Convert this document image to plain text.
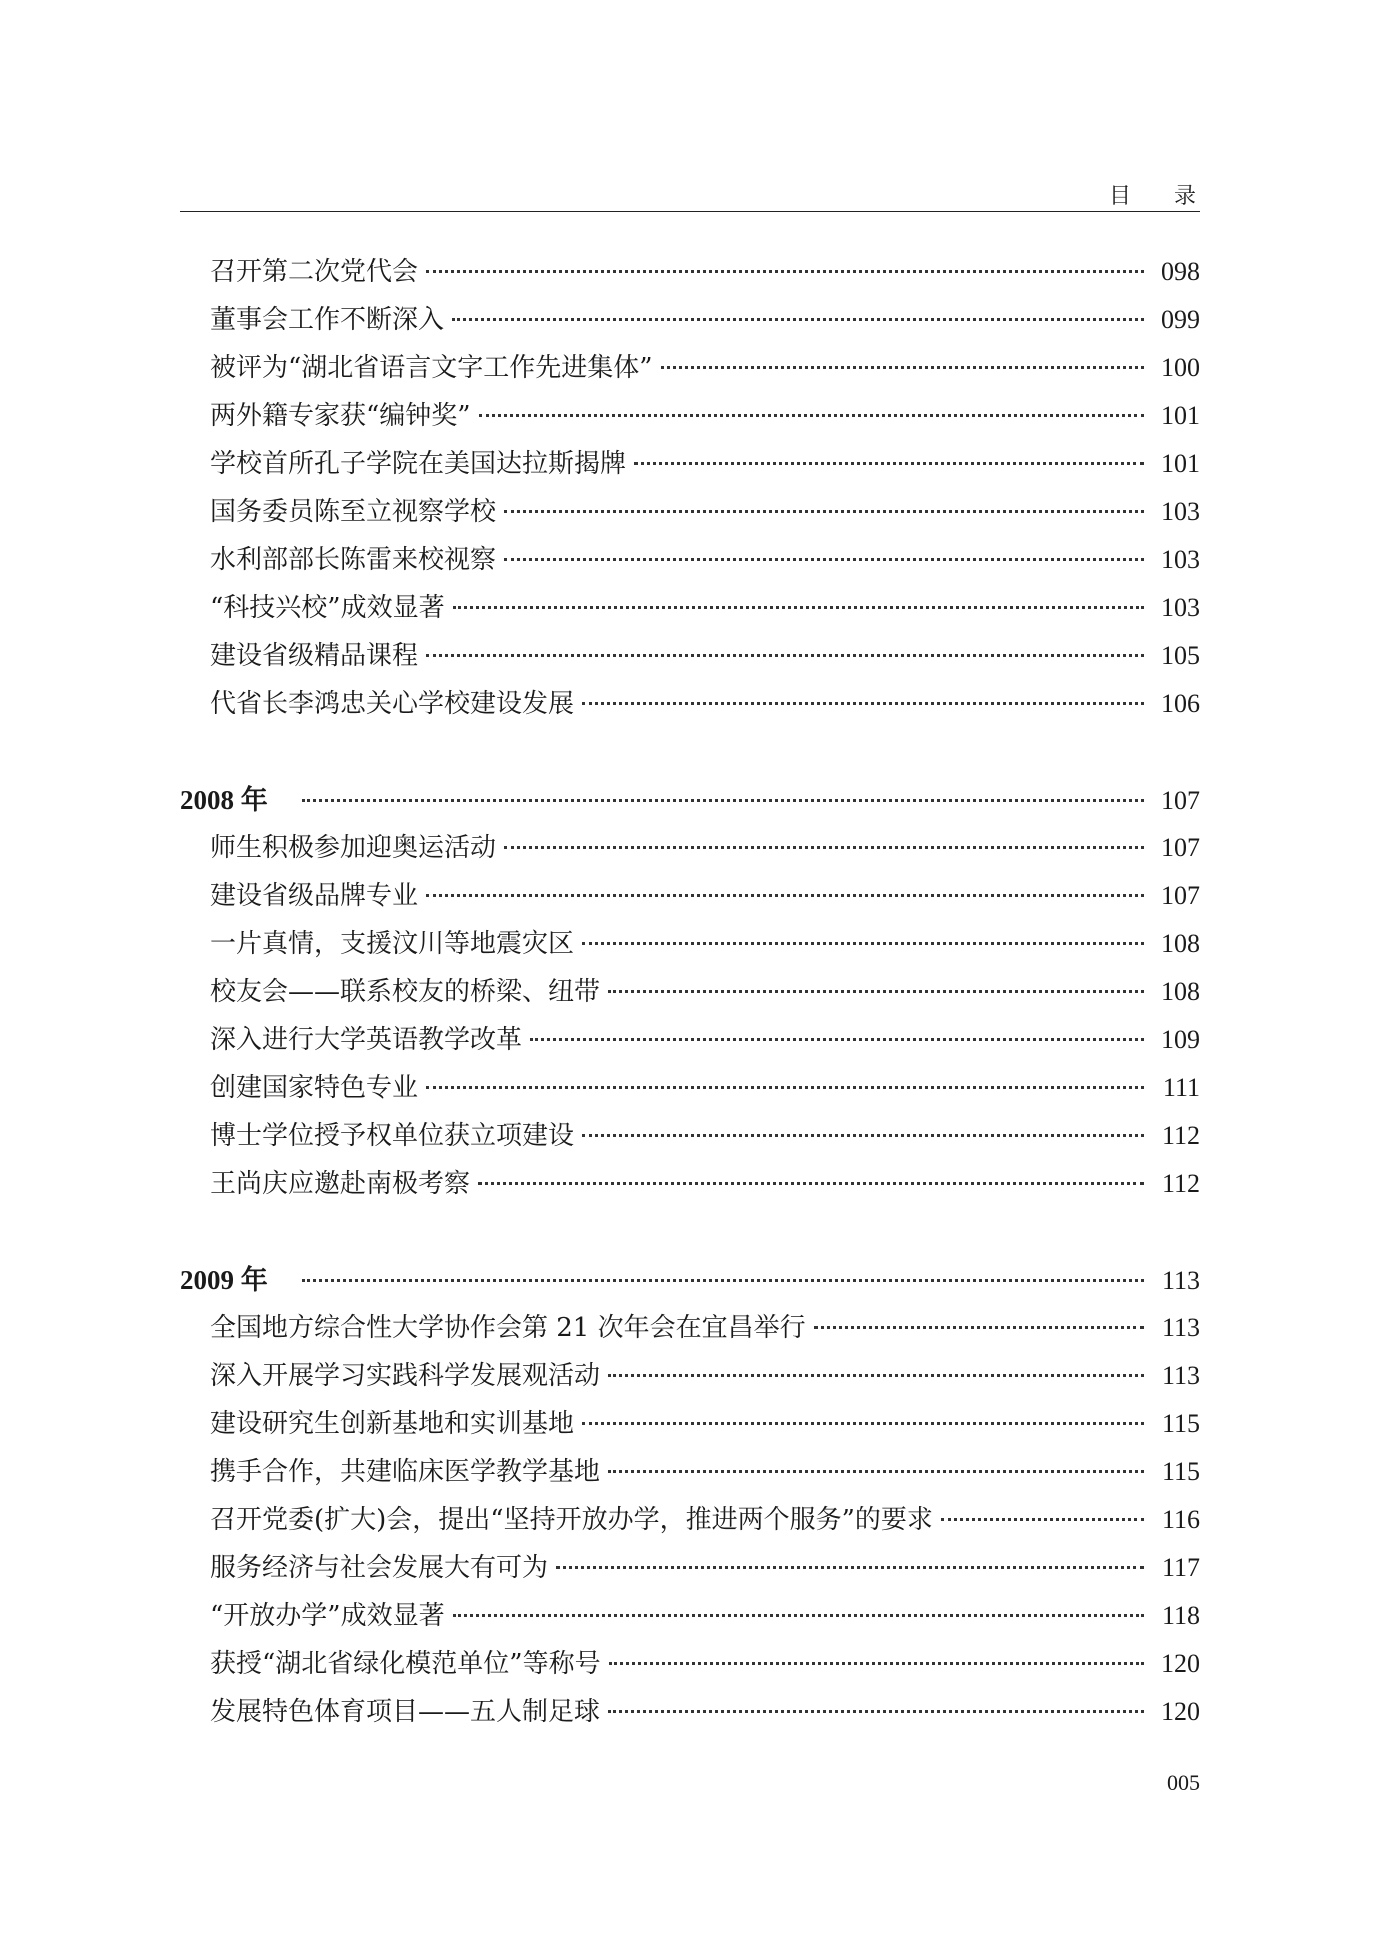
目 录
召开第二次党代会	098
董事会工作不断深入	099
被评为“湖北省语言文字工作先进集体”	100
两外籍专家获“编钟奖”	101
学校首所孔子学院在美国达拉斯揭牌	101
国务委员陈至立视察学校	103
水利部部长陈雷来校视察	103
“科技兴校”成效显著	103
建设省级精品课程	105
代省长李鸿忠关心学校建设发展	106
2008 年	107
师生积极参加迎奥运活动	107
建设省级品牌专业	107
一片真情，支援汶川等地震灾区	108
校友会——联系校友的桥梁、纽带	108
深入进行大学英语教学改革	109
创建国家特色专业	111
博士学位授予权单位获立项建设	112
王尚庆应邀赴南极考察	112
2009 年	113
全国地方综合性大学协作会第 21 次年会在宜昌举行	113
深入开展学习实践科学发展观活动	113
建设研究生创新基地和实训基地	115
携手合作，共建临床医学教学基地	115
召开党委(扩大)会，提出“坚持开放办学，推进两个服务”的要求	116
服务经济与社会发展大有可为	117
“开放办学”成效显著	118
获授“湖北省绿化模范单位”等称号	120
发展特色体育项目——五人制足球	120
005
